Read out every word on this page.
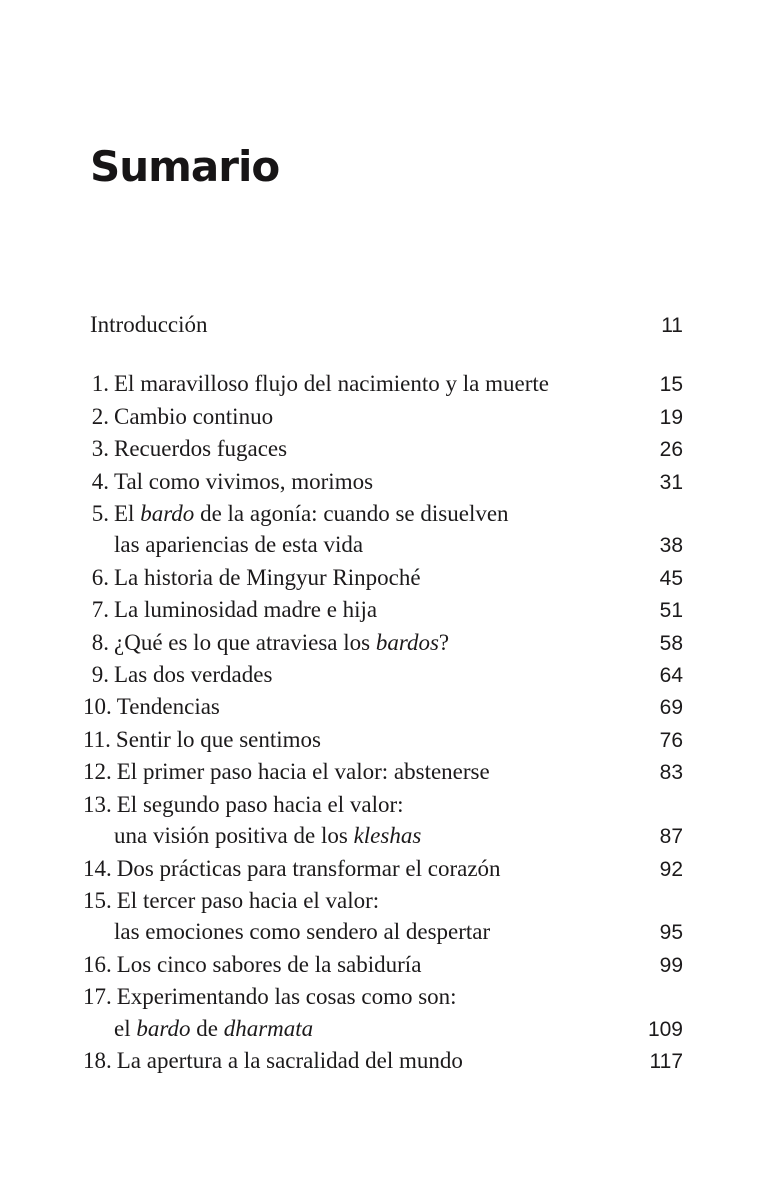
Sumario
Introducción	11
1. El maravilloso flujo del nacimiento y la muerte	15
2. Cambio continuo	19
3. Recuerdos fugaces	26
4. Tal como vivimos, morimos	31
5. El bardo de la agonía: cuando se disuelven
las apariencias de esta vida	38
6. La historia de Mingyur Rinpoché	45
7. La luminosidad madre e hija	51
8. ¿Qué es lo que atraviesa los bardos?	58
9. Las dos verdades	64
10. Tendencias	69
11. Sentir lo que sentimos	76
12. El primer paso hacia el valor: abstenerse	83
13. El segundo paso hacia el valor:
una visión positiva de los kleshas	87
14. Dos prácticas para transformar el corazón	92
15. El tercer paso hacia el valor:
las emociones como sendero al despertar	95
16. Los cinco sabores de la sabiduría	99
17. Experimentando las cosas como son:
el bardo de dharmata	109
18. La apertura a la sacralidad del mundo	117
